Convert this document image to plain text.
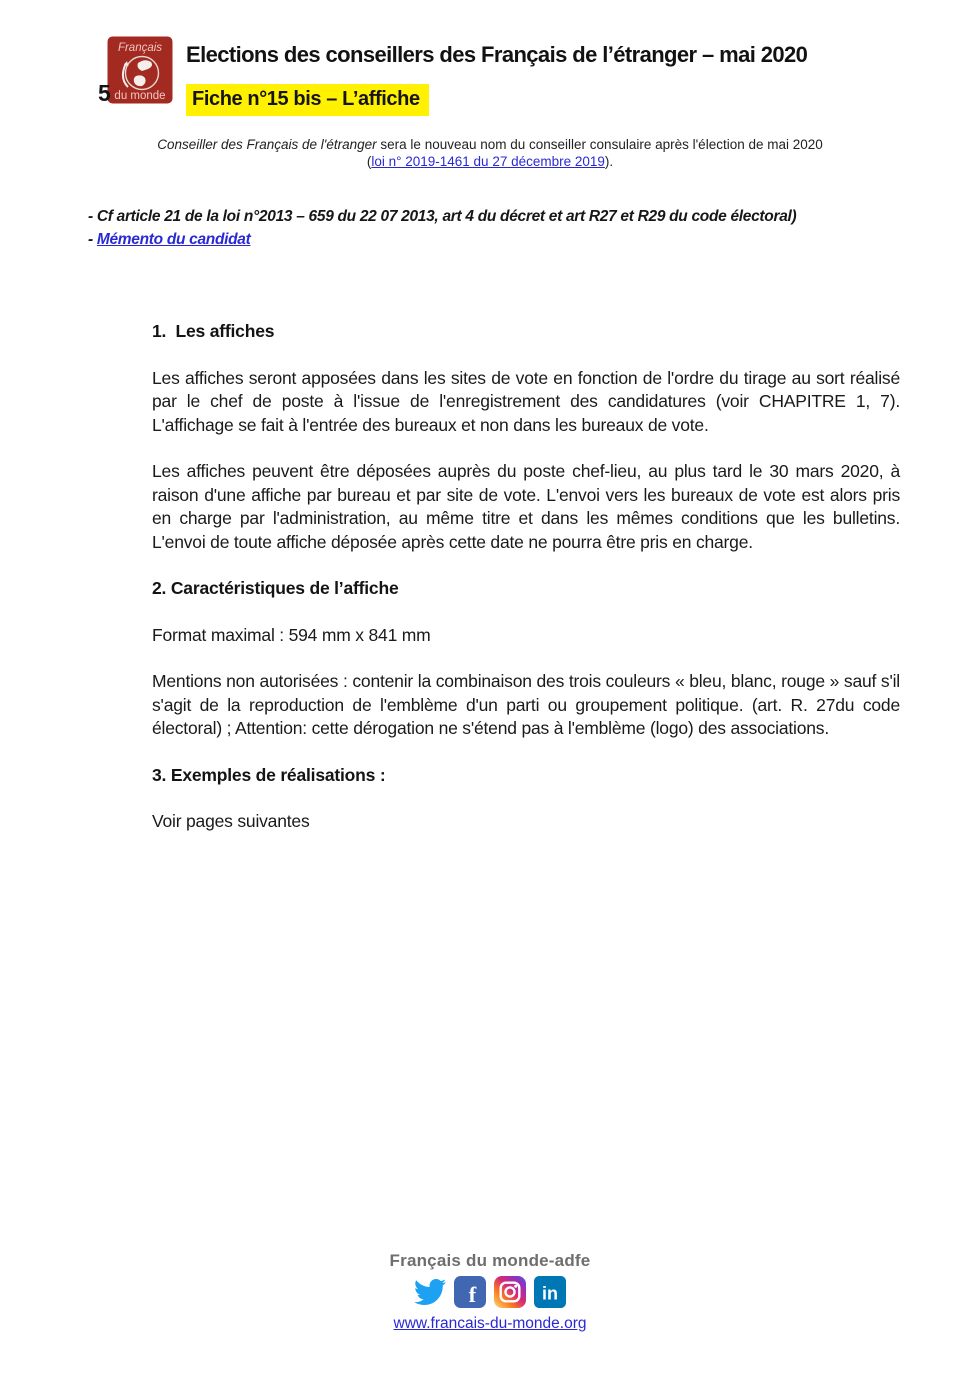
Français
du monde
5
Elections des conseillers des Français de l’étranger – mai 2020
Fiche n°15 bis – L’affiche

Conseiller des Français de l'étranger sera le nouveau nom du conseiller consulaire après l'élection de mai 2020
(loi n° 2019-1461 du 27 décembre 2019).

- Cf article 21 de la loi n°2013 – 659 du 22 07 2013, art 4 du décret et art R27 et R29 du code électoral)
- Mémento du candidat

1.  Les affiches

Les affiches seront apposées dans les sites de vote en fonction de l'ordre du tirage au sort réalisé par le chef de poste à l'issue de l'enregistrement des candidatures (voir CHAPITRE 1, 7). L'affichage se fait à l'entrée des bureaux et non dans les bureaux de vote.

Les affiches peuvent être déposées auprès du poste chef-lieu, au plus tard le 30 mars 2020, à raison d'une affiche par bureau et par site de vote. L'envoi vers les bureaux de vote est alors pris en charge par l'administration, au même titre et dans les mêmes conditions que les bulletins. L'envoi de toute affiche déposée après cette date ne pourra être pris en charge.

2. Caractéristiques de l’affiche

Format maximal : 594 mm x 841 mm

Mentions non autorisées : contenir la combinaison des trois couleurs « bleu, blanc, rouge » sauf s'il s'agit de la reproduction de l'emblème d'un parti ou groupement politique. (art. R. 27du code électoral) ; Attention: cette dérogation ne s'étend pas à l'emblème (logo) des associations.

3. Exemples de réalisations :

Voir pages suivantes

Français du monde-adfe

f	in
www.francais-du-monde.org
